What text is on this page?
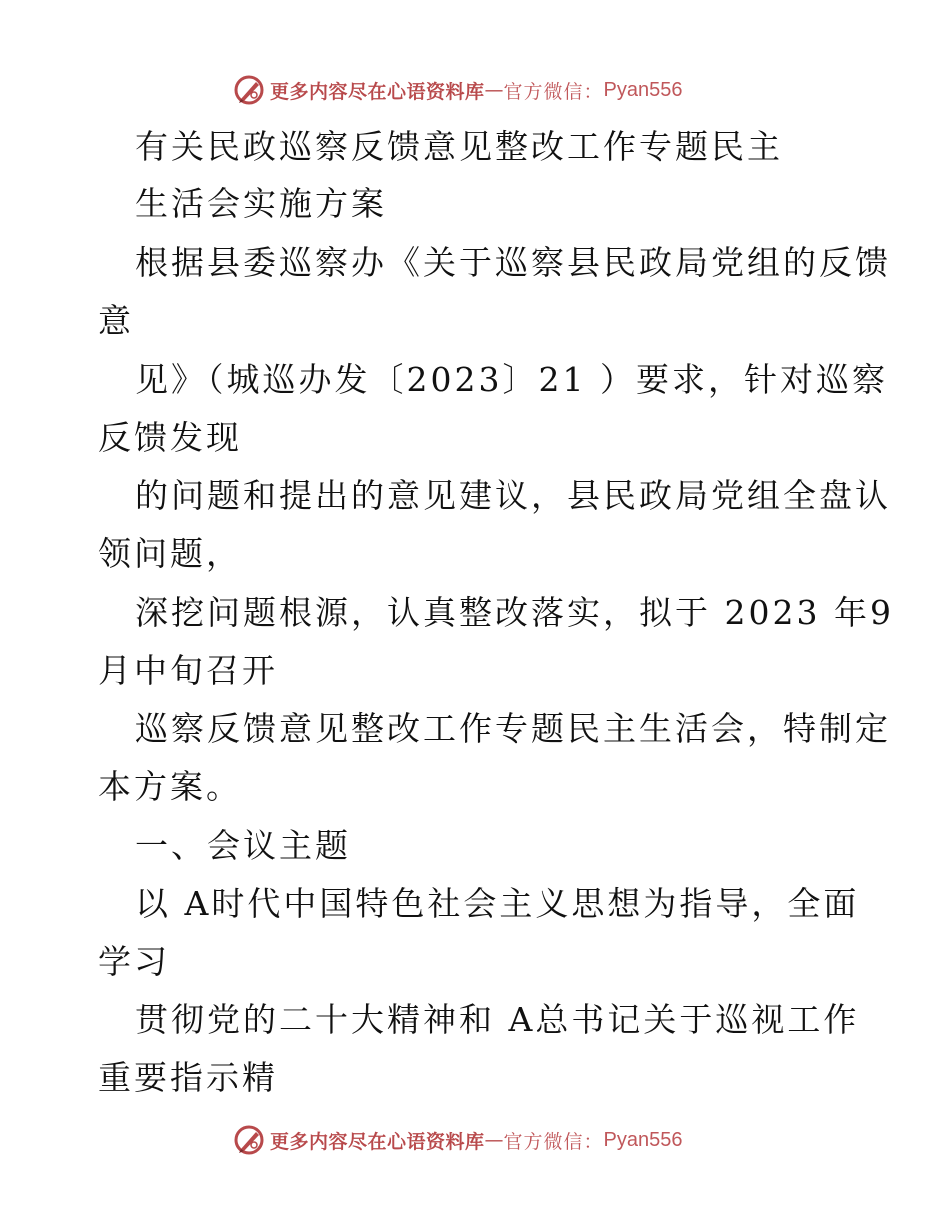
更多内容尽在心语资料库 — 官方微信： Pyan556
有关民政巡察反馈意见整改工作专题民主
生活会实施方案
根据县委巡察办《关于巡察县民政局党组的反馈
意
见》（城巡办发〔2023〕21 ）要求，针对巡察
反馈发现
的问题和提出的意见建议，县民政局党组全盘认
领问题，
深挖问题根源，认真整改落实，拟于 2023 年9
月中旬召开
巡察反馈意见整改工作专题民主生活会，特制定
本方案。
一、会议主题
以 A时代中国特色社会主义思想为指导，全面
学习
贯彻党的二十大精神和 A总书记关于巡视工作
重要指示精
更多内容尽在心语资料库 — 官方微信： Pyan556
